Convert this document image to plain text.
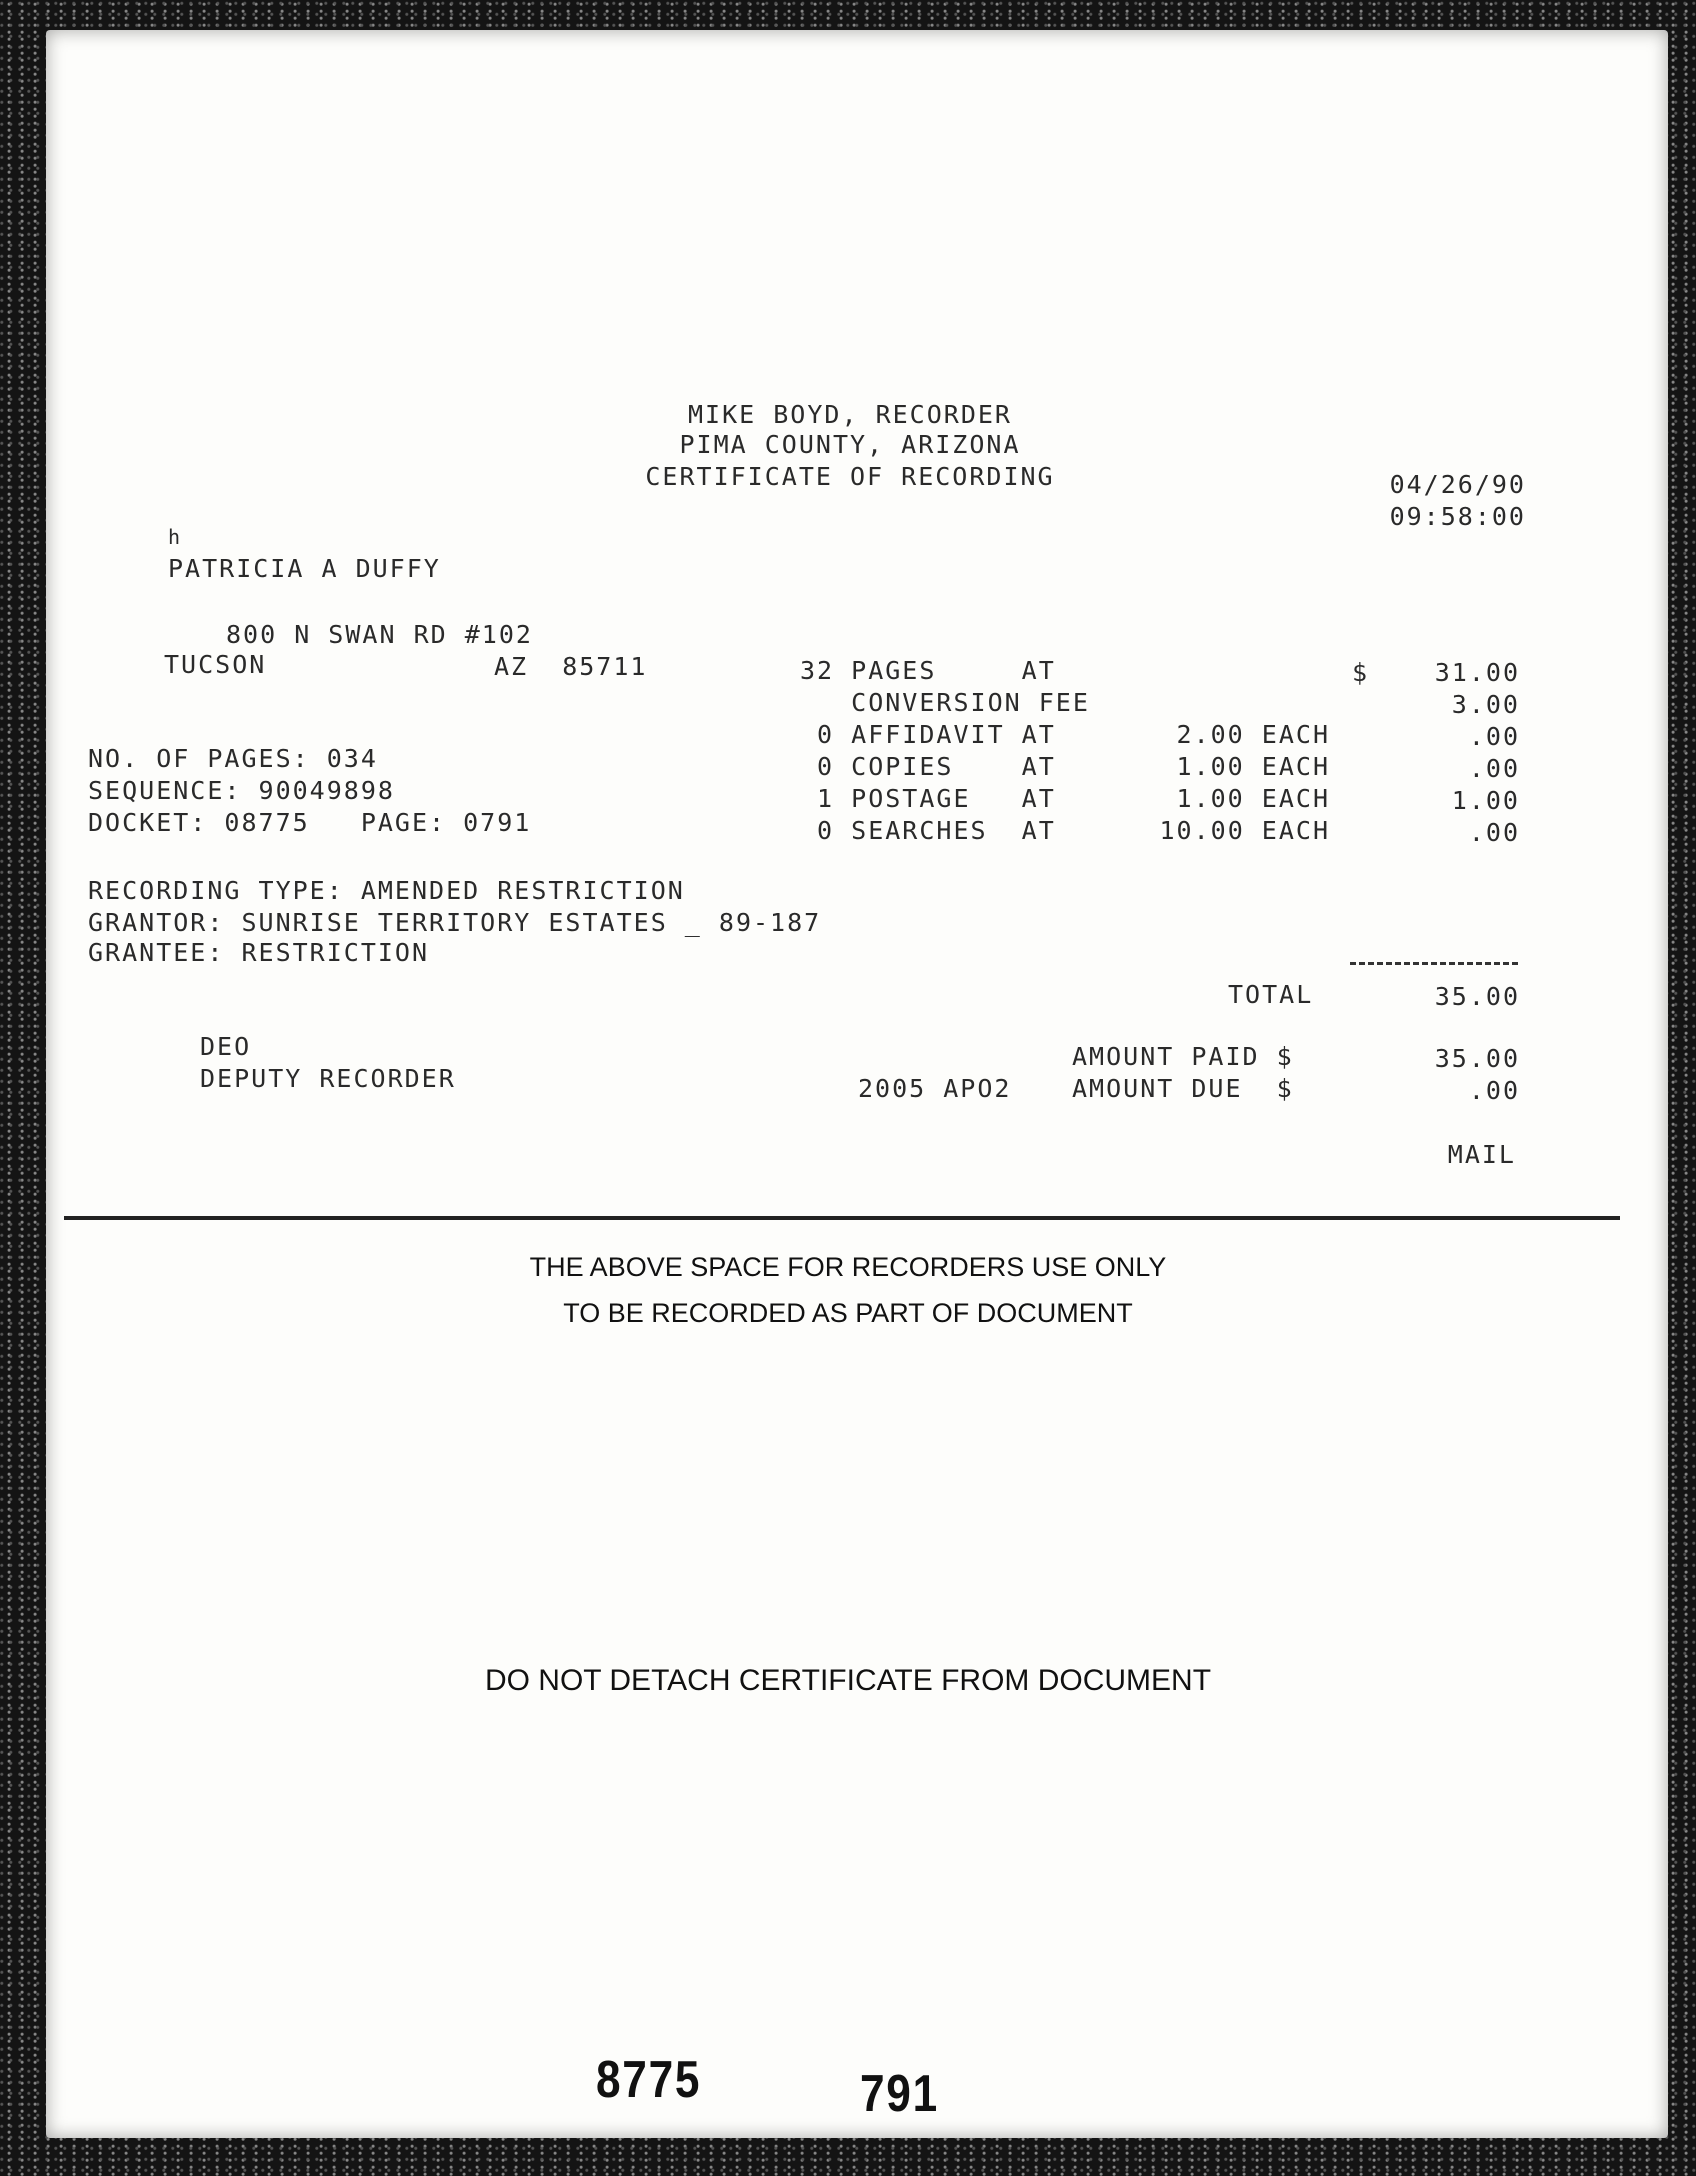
MIKE BOYD, RECORDER
PIMA COUNTY, ARIZONA
CERTIFICATE OF RECORDING	04/26/90
09:58:00
h
PATRICIA A DUFFY
800 N SWAN RD #102
TUCSON	AZ  85711	32 PAGES     AT	$	31.00
CONVERSION FEE	3.00
0 AFFIDAVIT AT	2.00 EACH	.00
0 COPIES    AT	1.00 EACH	.00
1 POSTAGE   AT	1.00 EACH	1.00
0 SEARCHES  AT	10.00 EACH	.00
NO. OF PAGES: 034
SEQUENCE: 90049898
DOCKET: 08775   PAGE: 0791
RECORDING TYPE: AMENDED RESTRICTION
GRANTOR: SUNRISE TERRITORY ESTATES _ 89-187
GRANTEE: RESTRICTION
TOTAL	35.00
AMOUNT PAID $	35.00
AMOUNT DUE  $	.00
MAIL
DEO
DEPUTY RECORDER	2005 APO2
THE ABOVE SPACE FOR RECORDERS USE ONLY
TO BE RECORDED AS PART OF DOCUMENT
DO NOT DETACH CERTIFICATE FROM DOCUMENT
8775	791
